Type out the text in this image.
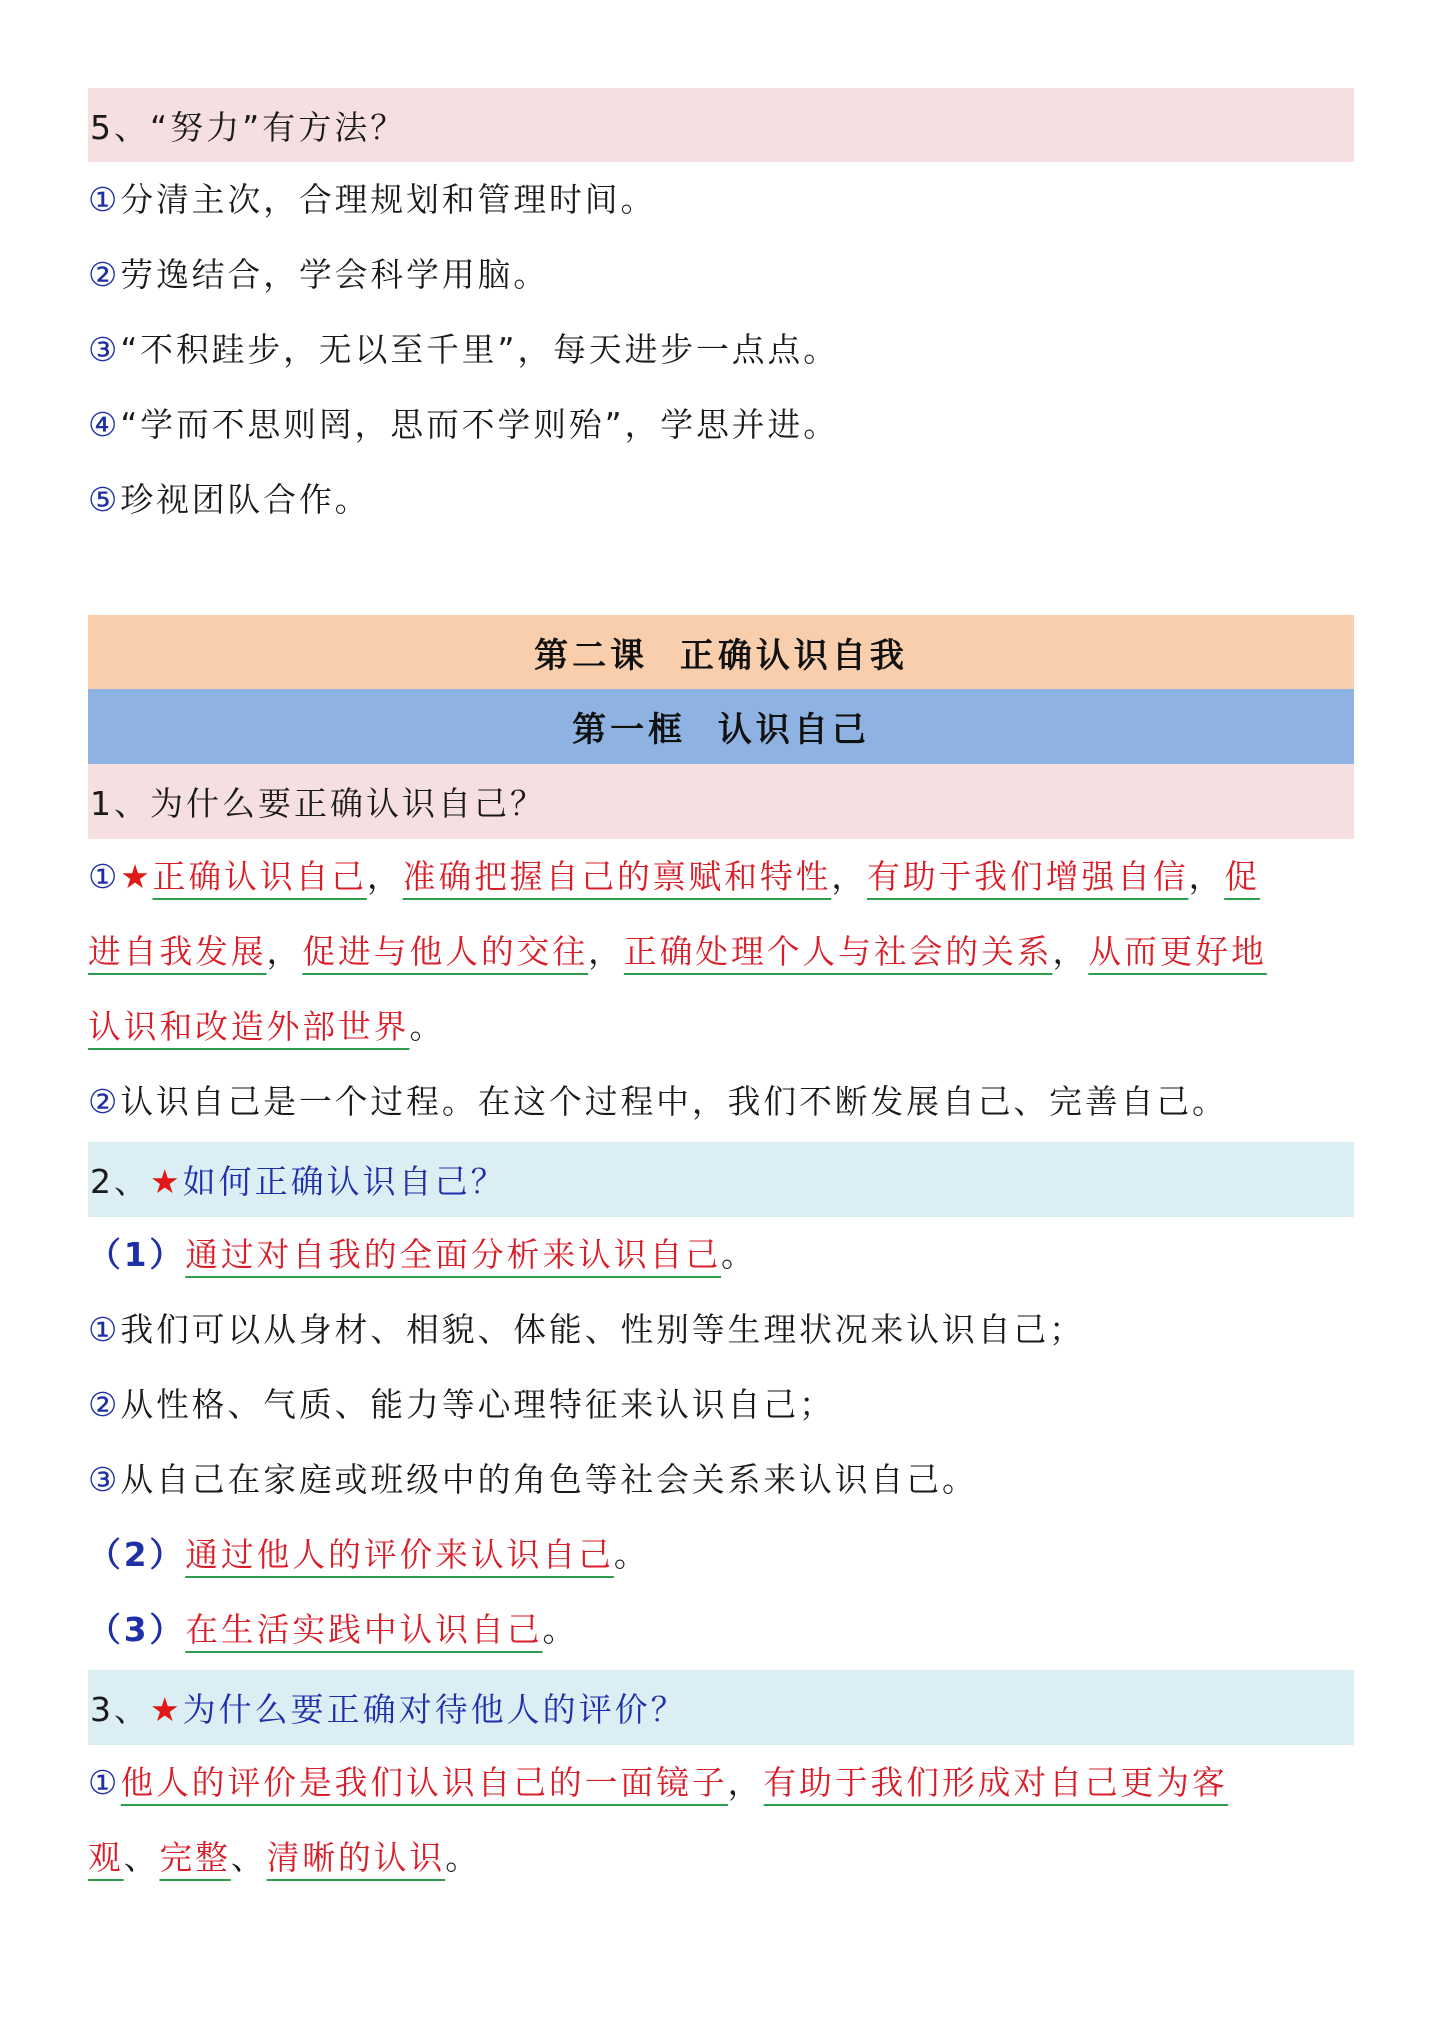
5、“努力”有方法？
①分清主次，合理规划和管理时间。
②劳逸结合，学会科学用脑。
③“不积跬步，无以至千里”，每天进步一点点。
④“学而不思则罔，思而不学则殆”，学思并进。
⑤珍视团队合作。
第二课  正确认识自我
第一框  认识自己
1、为什么要正确认识自己？
①★正确认识自己，准确把握自己的禀赋和特性，有助于我们增强自信，促
进自我发展，促进与他人的交往，正确处理个人与社会的关系，从而更好地
认识和改造外部世界。
②认识自己是一个过程。在这个过程中，我们不断发展自己、完善自己。
2、★如何正确认识自己？
（1）通过对自我的全面分析来认识自己。
①我们可以从身材、相貌、体能、性别等生理状况来认识自己；
②从性格、气质、能力等心理特征来认识自己；
③从自己在家庭或班级中的角色等社会关系来认识自己。
（2）通过他人的评价来认识自己。
（3）在生活实践中认识自己。
3、★为什么要正确对待他人的评价？
①他人的评价是我们认识自己的一面镜子，有助于我们形成对自己更为客
观、完整、清晰的认识。
